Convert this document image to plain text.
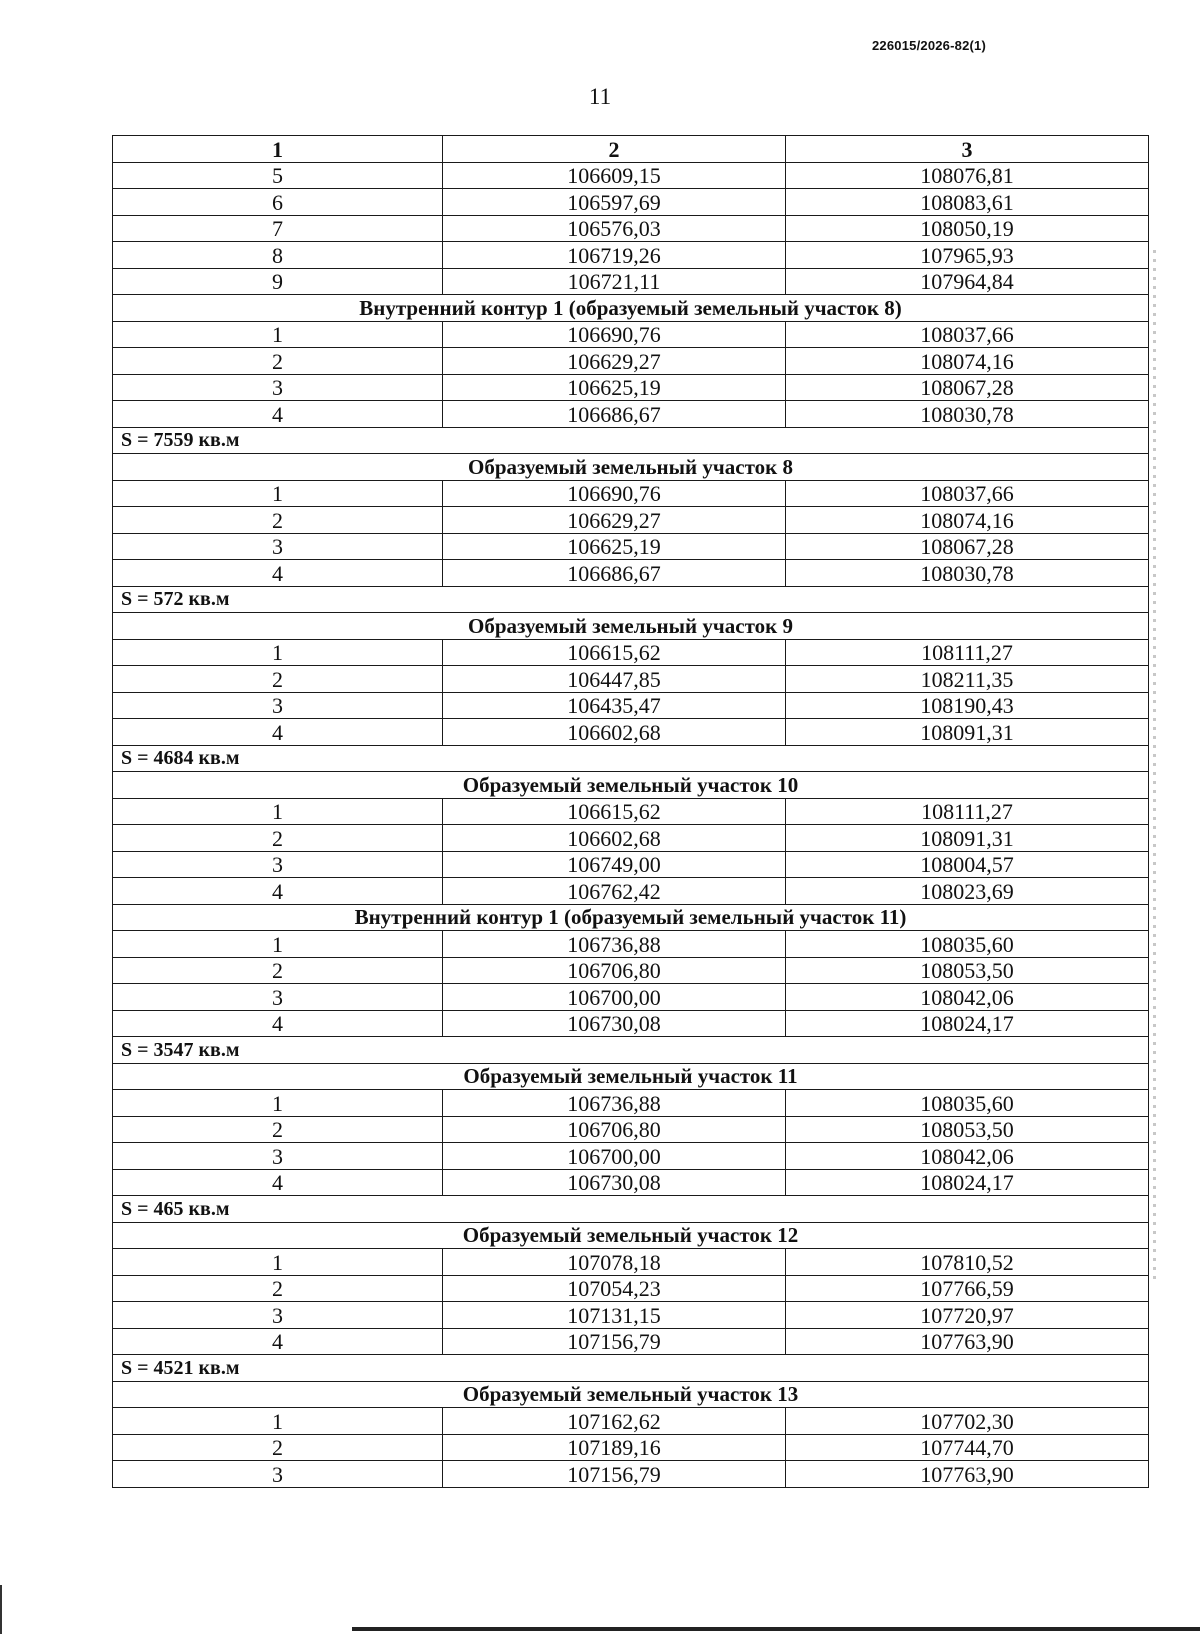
226015/2026-82(1)
11
1	2	3
5	106609,15	108076,81
6	106597,69	108083,61
7	106576,03	108050,19
8	106719,26	107965,93
9	106721,11	107964,84
Внутренний контур 1 (образуемый земельный участок 8)		
1	106690,76	108037,66
2	106629,27	108074,16
3	106625,19	108067,28
4	106686,67	108030,78
S = 7559 кв.м		
Образуемый земельный участок 8		
1	106690,76	108037,66
2	106629,27	108074,16
3	106625,19	108067,28
4	106686,67	108030,78
S = 572 кв.м		
Образуемый земельный участок 9		
1	106615,62	108111,27
2	106447,85	108211,35
3	106435,47	108190,43
4	106602,68	108091,31
S = 4684 кв.м		
Образуемый земельный участок 10		
1	106615,62	108111,27
2	106602,68	108091,31
3	106749,00	108004,57
4	106762,42	108023,69
Внутренний контур 1 (образуемый земельный участок 11)		
1	106736,88	108035,60
2	106706,80	108053,50
3	106700,00	108042,06
4	106730,08	108024,17
S = 3547 кв.м		
Образуемый земельный участок 11		
1	106736,88	108035,60
2	106706,80	108053,50
3	106700,00	108042,06
4	106730,08	108024,17
S = 465 кв.м		
Образуемый земельный участок 12		
1	107078,18	107810,52
2	107054,23	107766,59
3	107131,15	107720,97
4	107156,79	107763,90
S = 4521 кв.м		
Образуемый земельный участок 13		
1	107162,62	107702,30
2	107189,16	107744,70
3	107156,79	107763,90
